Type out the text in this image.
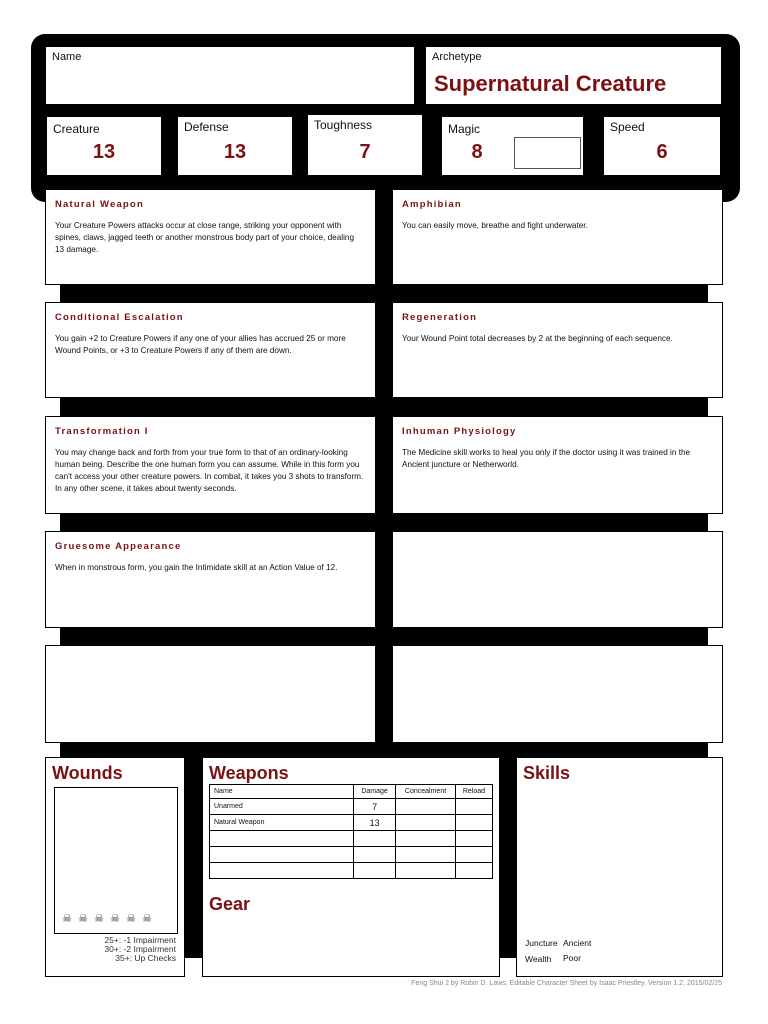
Name	Archetype
Supernatural Creature
Creature
13
Defense
13
Toughness
7
Magic
8
Speed
6
Natural Weapon
Your Creature Powers attacks occur at close range, striking your opponent with spines, claws, jagged teeth or another monstrous body part of your choice, dealing 13 damage.
Amphibian
You can easily move, breathe and fight underwater.
Conditional Escalation
You gain +2 to Creature Powers if any one of your allies has accrued 25 or more Wound Points, or +3 to Creature Powers if any of them are down.
Regeneration
Your Wound Point total decreases by 2 at the beginning of each sequence.
Transformation I
You may change back and forth from your true form to that of an ordinary-looking human being. Describe the one human form you can assume. While in this form you can't access your other creature powers. In combat, it takes you 3 shots to transform. In any other scene, it takes about twenty seconds.
Inhuman Physiology
The Medicine skill works to heal you only if the doctor using it was trained in the Ancient juncture or Netherworld.
Gruesome Appearance
When in monstrous form, you gain the Intimidate skill at an Action Value of 12.
Wounds
☠ ☠ ☠ ☠ ☠ ☠
25+: -1 Impairment
30+: -2 Impairment
35+: Up Checks
Weapons
Name	Damage	Concealment	Reload
Unarmed	7		
Natural Weapon	13		

Gear
Skills
Juncture Ancient
Wealth Poor
Feng Shui 2 by Robin D. Laws, Editable Character Sheet by Isaac Priestley. Version 1.2, 2015/02/25
